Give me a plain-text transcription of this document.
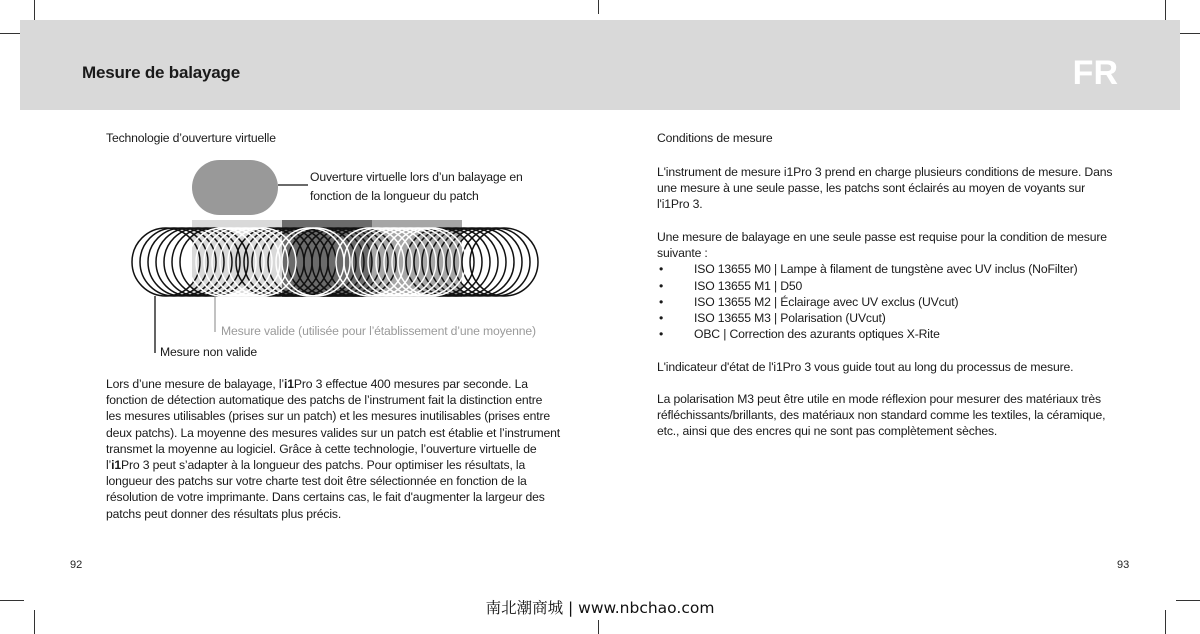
Mesure de balayage	FR
Technologie d’ouverture virtuelle
Ouverture virtuelle lors d’un balayage en
fonction de la longueur du patch
Mesure valide (utilisée pour l’établissement d’une moyenne)
Mesure non valide

Lors d’une mesure de balayage, l’i1Pro 3 effectue 400 mesures par seconde. La

fonction de détection automatique des patchs de l’instrument fait la distinction entre

les mesures utilisables (prises sur un patch) et les mesures inutilisables (prises entre

deux patchs). La moyenne des mesures valides sur un patch est établie et l’instrument

transmet la moyenne au logiciel. Grâce à cette technologie, l’ouverture virtuelle de

l’i1Pro 3 peut s’adapter à la longueur des patchs. Pour optimiser les résultats, la

longueur des patchs sur votre charte test doit être sélectionnée en fonction de la

résolution de votre imprimante. Dans certains cas, le fait d'augmenter la largeur des

patchs peut donner des résultats plus précis.

92
Conditions de mesure

L'instrument de mesure i1Pro 3 prend en charge plusieurs conditions de mesure. Dans

une mesure à une seule passe, les patchs sont éclairés au moyen de voyants sur

l'i1Pro 3.

Une mesure de balayage en une seule passe est requise pour la condition de mesure

suivante :

• ISO 13655 M0 | Lampe à filament de tungstène avec UV inclus (NoFilter)
• ISO 13655 M1 | D50
• ISO 13655 M2 | Éclairage avec UV exclus (UVcut)
• ISO 13655 M3 | Polarisation (UVcut)
• OBC | Correction des azurants optiques X-Rite
L'indicateur d'état de l'i1Pro 3 vous guide tout au long du processus de mesure.

La polarisation M3 peut être utile en mode réflexion pour mesurer des matériaux très

réfléchissants/brillants, des matériaux non standard comme les textiles, la céramique,

etc., ainsi que des encres qui ne sont pas complètement sèches.

93
南北潮商城 | www.nbchao.com
